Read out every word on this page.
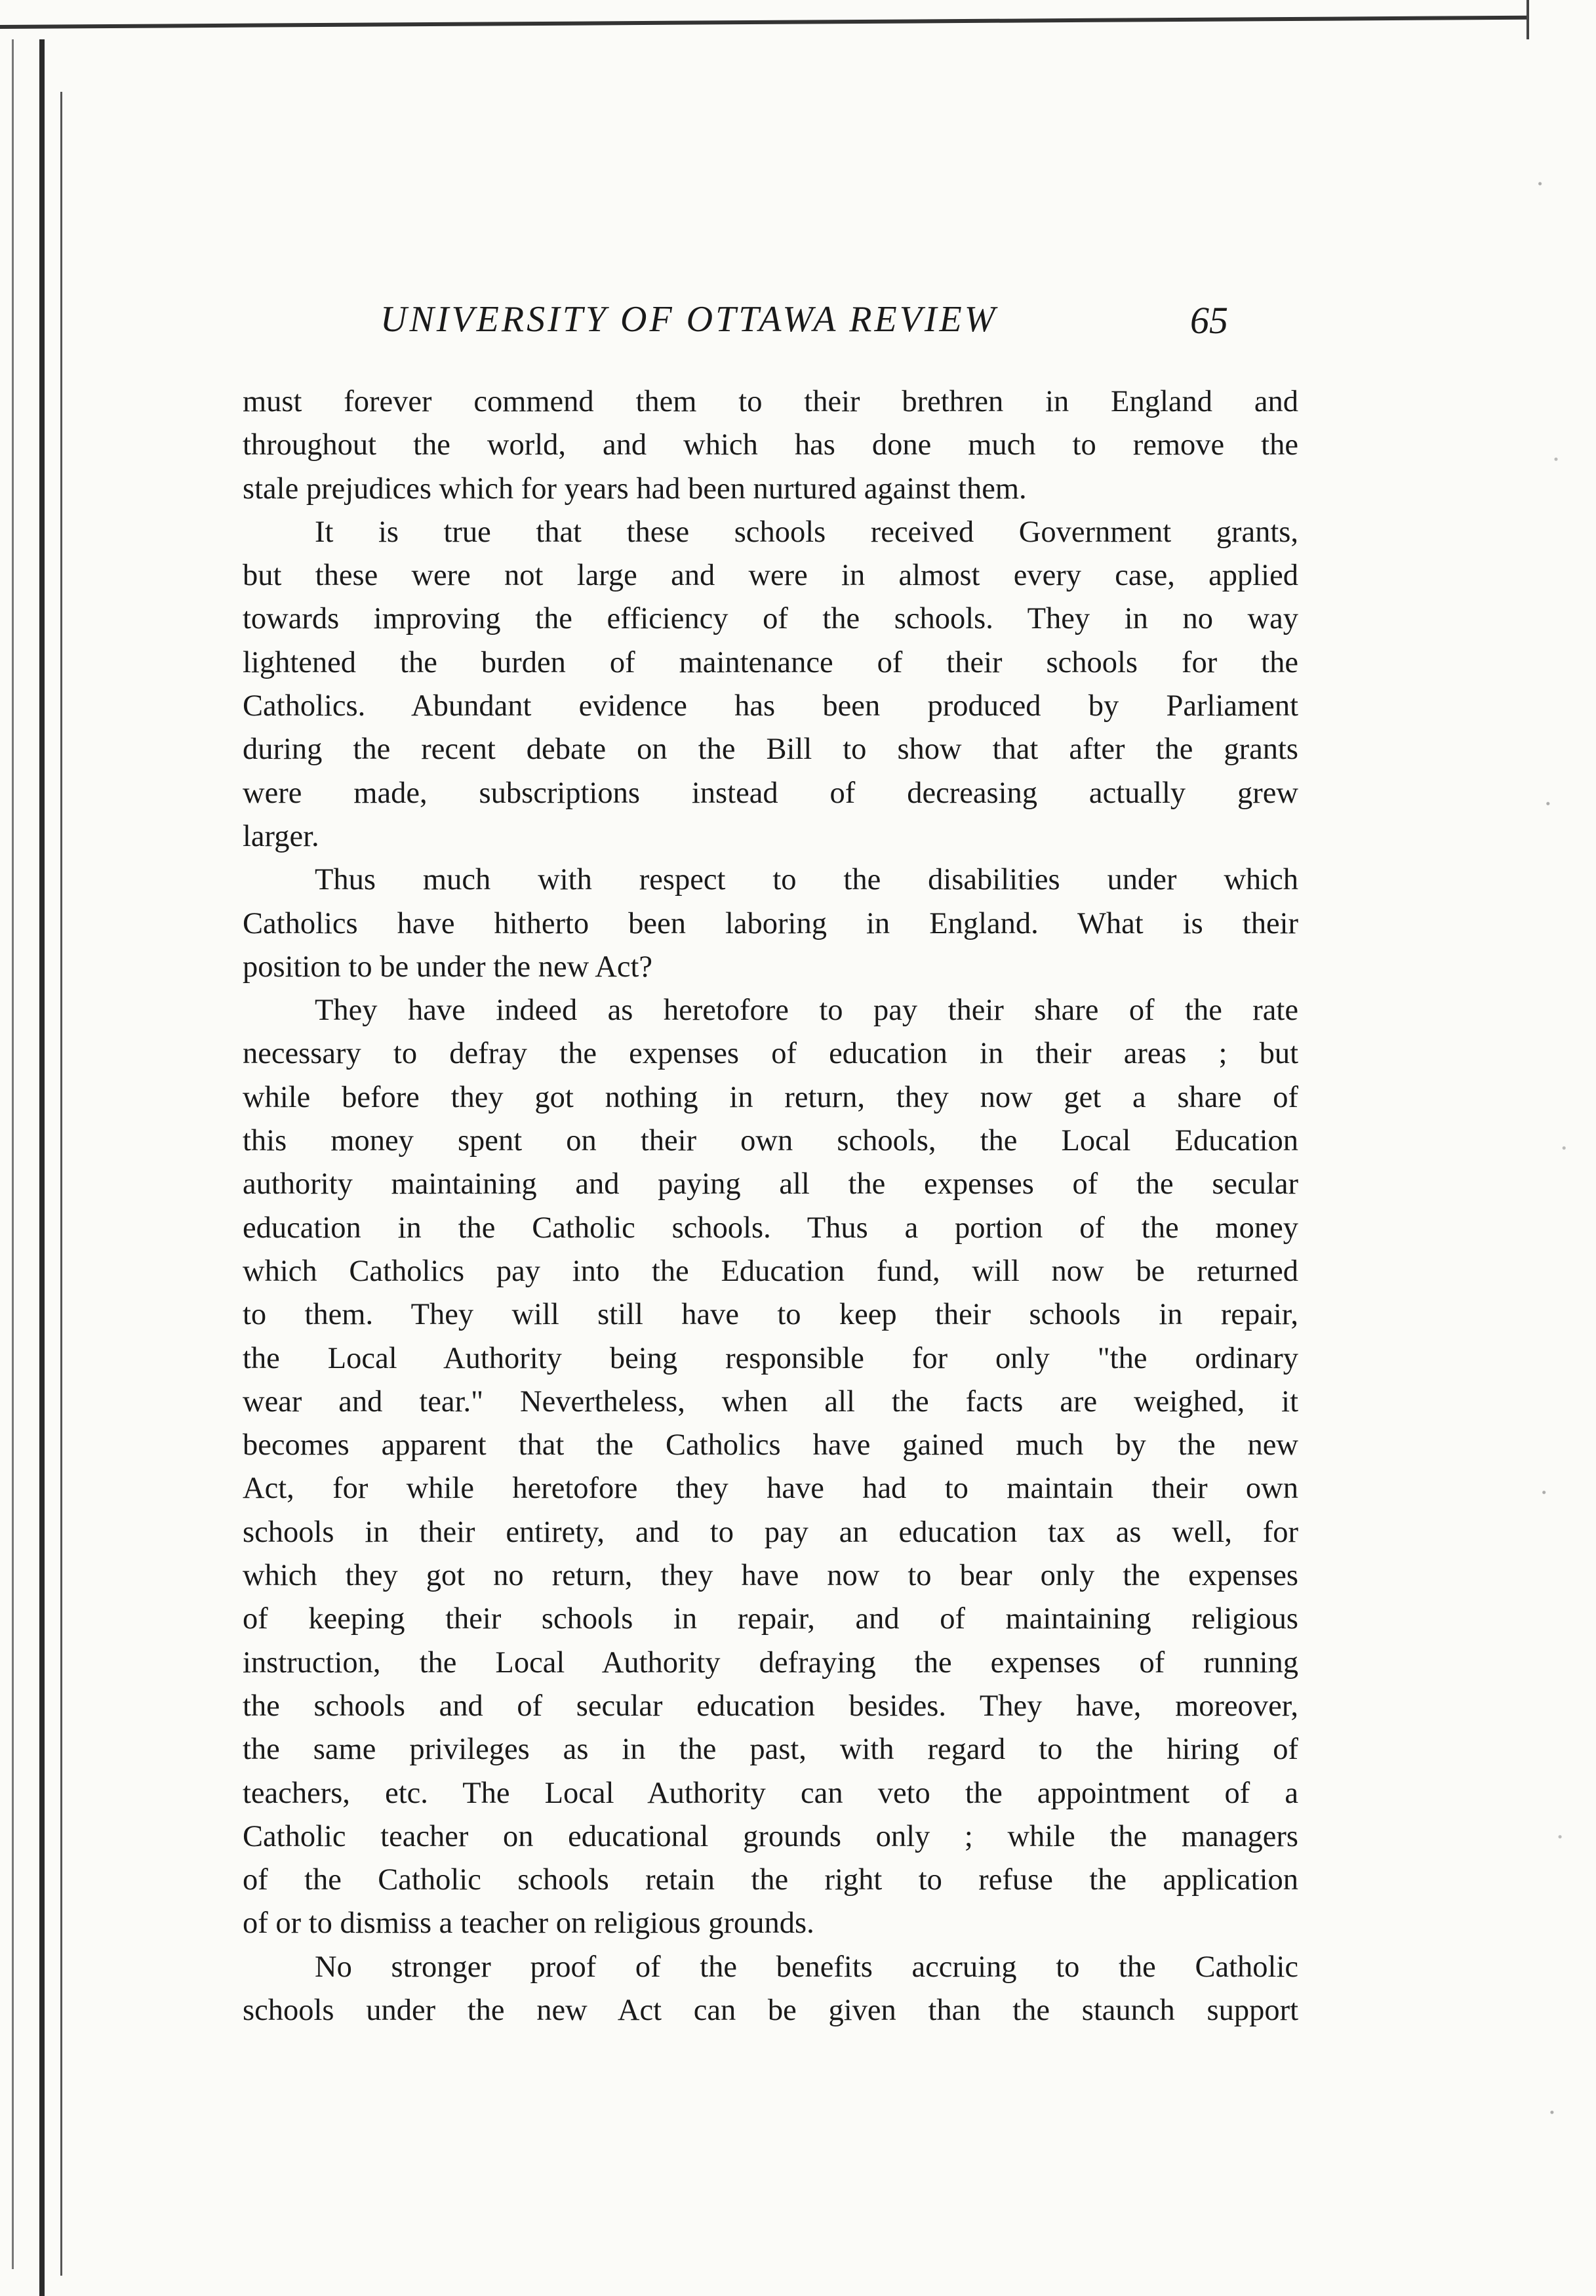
UNIVERSITY OF OTTAWA REVIEW	65
must forever commend them to their brethren in England and
throughout the world, and which has done much to remove the
stale prejudices which for years had been nurtured against them.
It is true that these schools received Government grants,
but these were not large and were in almost every case, applied
towards improving the efficiency of the schools. They in no way
lightened the burden of maintenance of their schools for the
Catholics. Abundant evidence has been produced by Parliament
during the recent debate on the Bill to show that after the grants
were made, subscriptions instead of decreasing actually grew
larger.
Thus much with respect to the disabilities under which
Catholics have hitherto been laboring in England. What is their
position to be under the new Act?
They have indeed as heretofore to pay their share of the rate
necessary to defray the expenses of education in their areas ; but
while before they got nothing in return, they now get a share of
this money spent on their own schools, the Local Education
authority maintaining and paying all the expenses of the secular
education in the Catholic schools. Thus a portion of the money
which Catholics pay into the Education fund, will now be returned
to them. They will still have to keep their schools in repair,
the Local Authority being responsible for only "the ordinary
wear and tear." Nevertheless, when all the facts are weighed, it
becomes apparent that the Catholics have gained much by the new
Act, for while heretofore they have had to maintain their own
schools in their entirety, and to pay an education tax as well, for
which they got no return, they have now to bear only the expenses
of keeping their schools in repair, and of maintaining religious
instruction, the Local Authority defraying the expenses of running
the schools and of secular education besides. They have, moreover,
the same privileges as in the past, with regard to the hiring of
teachers, etc. The Local Authority can veto the appointment of a
Catholic teacher on educational grounds only ; while the managers
of the Catholic schools retain the right to refuse the application
of or to dismiss a teacher on religious grounds.
No stronger proof of the benefits accruing to the Catholic
schools under the new Act can be given than the staunch support
